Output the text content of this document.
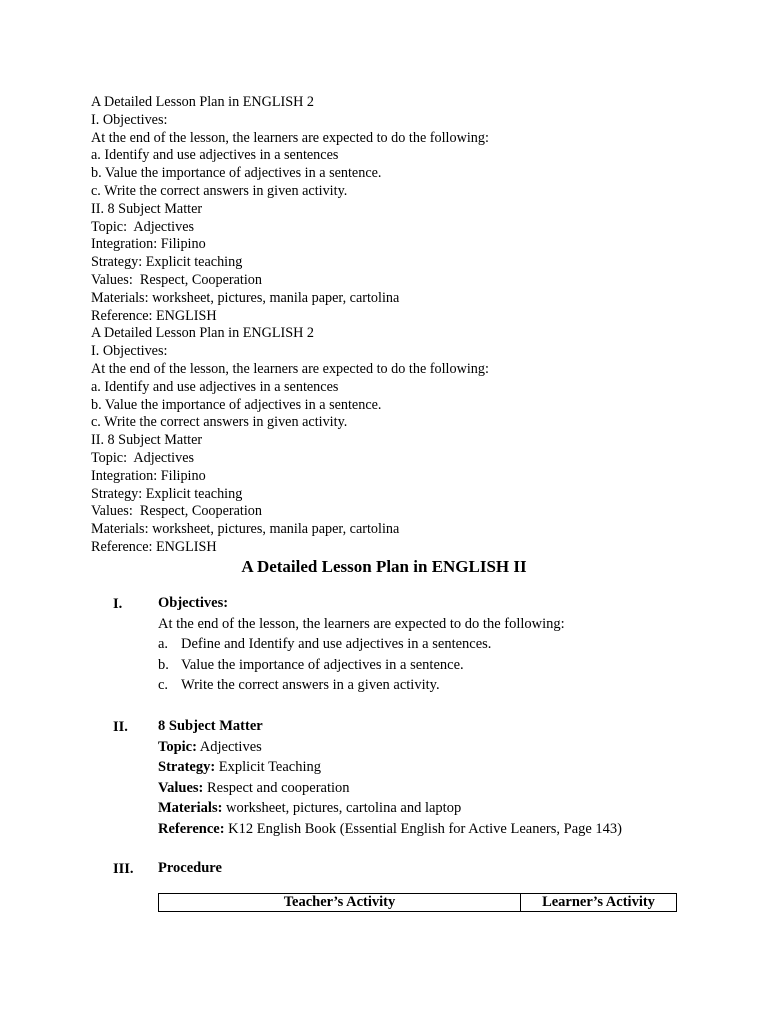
A Detailed Lesson Plan in ENGLISH 2
I. Objectives:
At the end of the lesson, the learners are expected to do the following:
a. Identify and use adjectives in a sentences
b. Value the importance of adjectives in a sentence.
c. Write the correct answers in given activity.
II. 8 Subject Matter
Topic:  Adjectives
Integration: Filipino
Strategy: Explicit teaching
Values:  Respect, Cooperation
Materials: worksheet, pictures, manila paper, cartolina
Reference: ENGLISH
A Detailed Lesson Plan in ENGLISH 2
I. Objectives:
At the end of the lesson, the learners are expected to do the following:
a. Identify and use adjectives in a sentences
b. Value the importance of adjectives in a sentence.
c. Write the correct answers in given activity.
II. 8 Subject Matter
Topic:  Adjectives
Integration: Filipino
Strategy: Explicit teaching
Values:  Respect, Cooperation
Materials: worksheet, pictures, manila paper, cartolina
Reference: ENGLISH
A Detailed Lesson Plan in ENGLISH II
I. Objectives:
At the end of the lesson, the learners are expected to do the following:
a. Define and Identify and use adjectives in a sentences.
b. Value the importance of adjectives in a sentence.
c. Write the correct answers in a given activity.
II. 8 Subject Matter
Topic: Adjectives
Strategy: Explicit Teaching
Values: Respect and cooperation
Materials: worksheet, pictures, cartolina and laptop
Reference: K12 English Book (Essential English for Active Leaners, Page 143)
III. Procedure
Teacher’s Activity	Learner’s Activity
